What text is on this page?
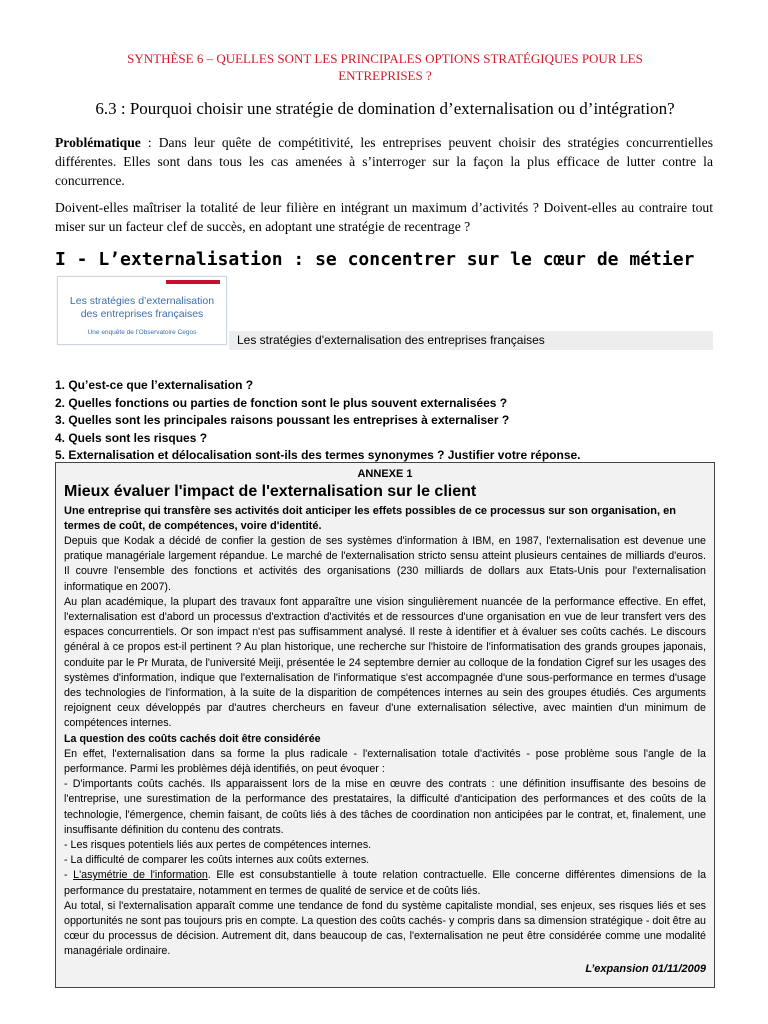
SYNTHÈSE 6 – QUELLES SONT LES PRINCIPALES OPTIONS STRATÉGIQUES POUR LES
ENTREPRISES ?
6.3 : Pourquoi choisir une stratégie de domination d’externalisation ou d’intégration?
Problématique : Dans leur quête de compétitivité, les entreprises peuvent choisir des stratégies concurrentielles différentes. Elles sont dans tous les cas amenées à s’interroger sur la façon la plus efficace de lutter contre la concurrence.
Doivent-elles maîtriser la totalité de leur filière en intégrant un maximum d’activités ? Doivent-elles au contraire tout miser sur un facteur clef de succès, en adoptant une stratégie de recentrage ?
I - L’externalisation : se concentrer sur le cœur de métier
Les stratégies d’externalisation des entreprises françaises
Une enquête de l’Observatoire Cegos
Les stratégies d'externalisation des entreprises françaises
1. Qu’est-ce que l’externalisation ?
2. Quelles fonctions ou parties de fonction sont le plus souvent externalisées ?
3. Quelles sont les principales raisons poussant les entreprises à externaliser ?
4. Quels sont les risques ?
5. Externalisation et délocalisation sont-ils des termes synonymes ? Justifier votre réponse.
ANNEXE 1
Mieux évaluer l'impact de l'externalisation sur le client
Une entreprise qui transfère ses activités doit anticiper les effets possibles de ce processus sur son organisation, en termes de coût, de compétences, voire d'identité.

Depuis que Kodak a décidé de confier la gestion de ses systèmes d'information à IBM, en 1987, l'externalisation est devenue une pratique managériale largement répandue. Le marché de l'externalisation stricto sensu atteint plusieurs centaines de milliards d'euros. Il couvre l'ensemble des fonctions et activités des organisations (230 milliards de dollars aux Etats-Unis pour l'externalisation informatique en 2007).

Au plan académique, la plupart des travaux font apparaître une vision singulièrement nuancée de la performance effective. En effet, l'externalisation est d'abord un processus d'extraction d'activités et de ressources d'une organisation en vue de leur transfert vers des espaces concurrentiels. Or son impact n'est pas suffisamment analysé. Il reste à identifier et à évaluer ses coûts cachés. Le discours général à ce propos est-il pertinent ? Au plan historique, une recherche sur l'histoire de l'informatisation des grands groupes japonais, conduite par le Pr Murata, de l'université Meiji, présentée le 24 septembre dernier au colloque de la fondation Cigref sur les usages des systèmes d'information, indique que l'externalisation de l'informatique s'est accompagnée d'une sous-performance en termes d'usage des technologies de l'information, à la suite de la disparition de compétences internes au sein des groupes étudiés. Ces arguments rejoignent ceux développés par d'autres chercheurs en faveur d'une externalisation sélective, avec maintien d'un minimum de compétences internes.

La question des coûts cachés doit être considérée

En effet, l'externalisation dans sa forme la plus radicale - l'externalisation totale d'activités - pose problème sous l'angle de la performance. Parmi les problèmes déjà identifiés, on peut évoquer :

- D'importants coûts cachés. Ils apparaissent lors de la mise en œuvre des contrats : une définition insuffisante des besoins de l'entreprise, une surestimation de la performance des prestataires, la difficulté d'anticipation des performances et des coûts de la technologie, l'émergence, chemin faisant, de coûts liés à des tâches de coordination non anticipées par le contrat, et, finalement, une insuffisante définition du contenu des contrats.

- Les risques potentiels liés aux pertes de compétences internes.

- La difficulté de comparer les coûts internes aux coûts externes.

- L'asymétrie de l'information. Elle est consubstantielle à toute relation contractuelle. Elle concerne différentes dimensions de la performance du prestataire, notamment en termes de qualité de service et de coûts liés.

Au total, si l'externalisation apparaît comme une tendance de fond du système capitaliste mondial, ses enjeux, ses risques liés et ses opportunités ne sont pas toujours pris en compte. La question des coûts cachés- y compris dans sa dimension stratégique - doit être au cœur du processus de décision. Autrement dit, dans beaucoup de cas, l'externalisation ne peut être considérée comme une modalité managériale ordinaire.

L’expansion 01/11/2009
